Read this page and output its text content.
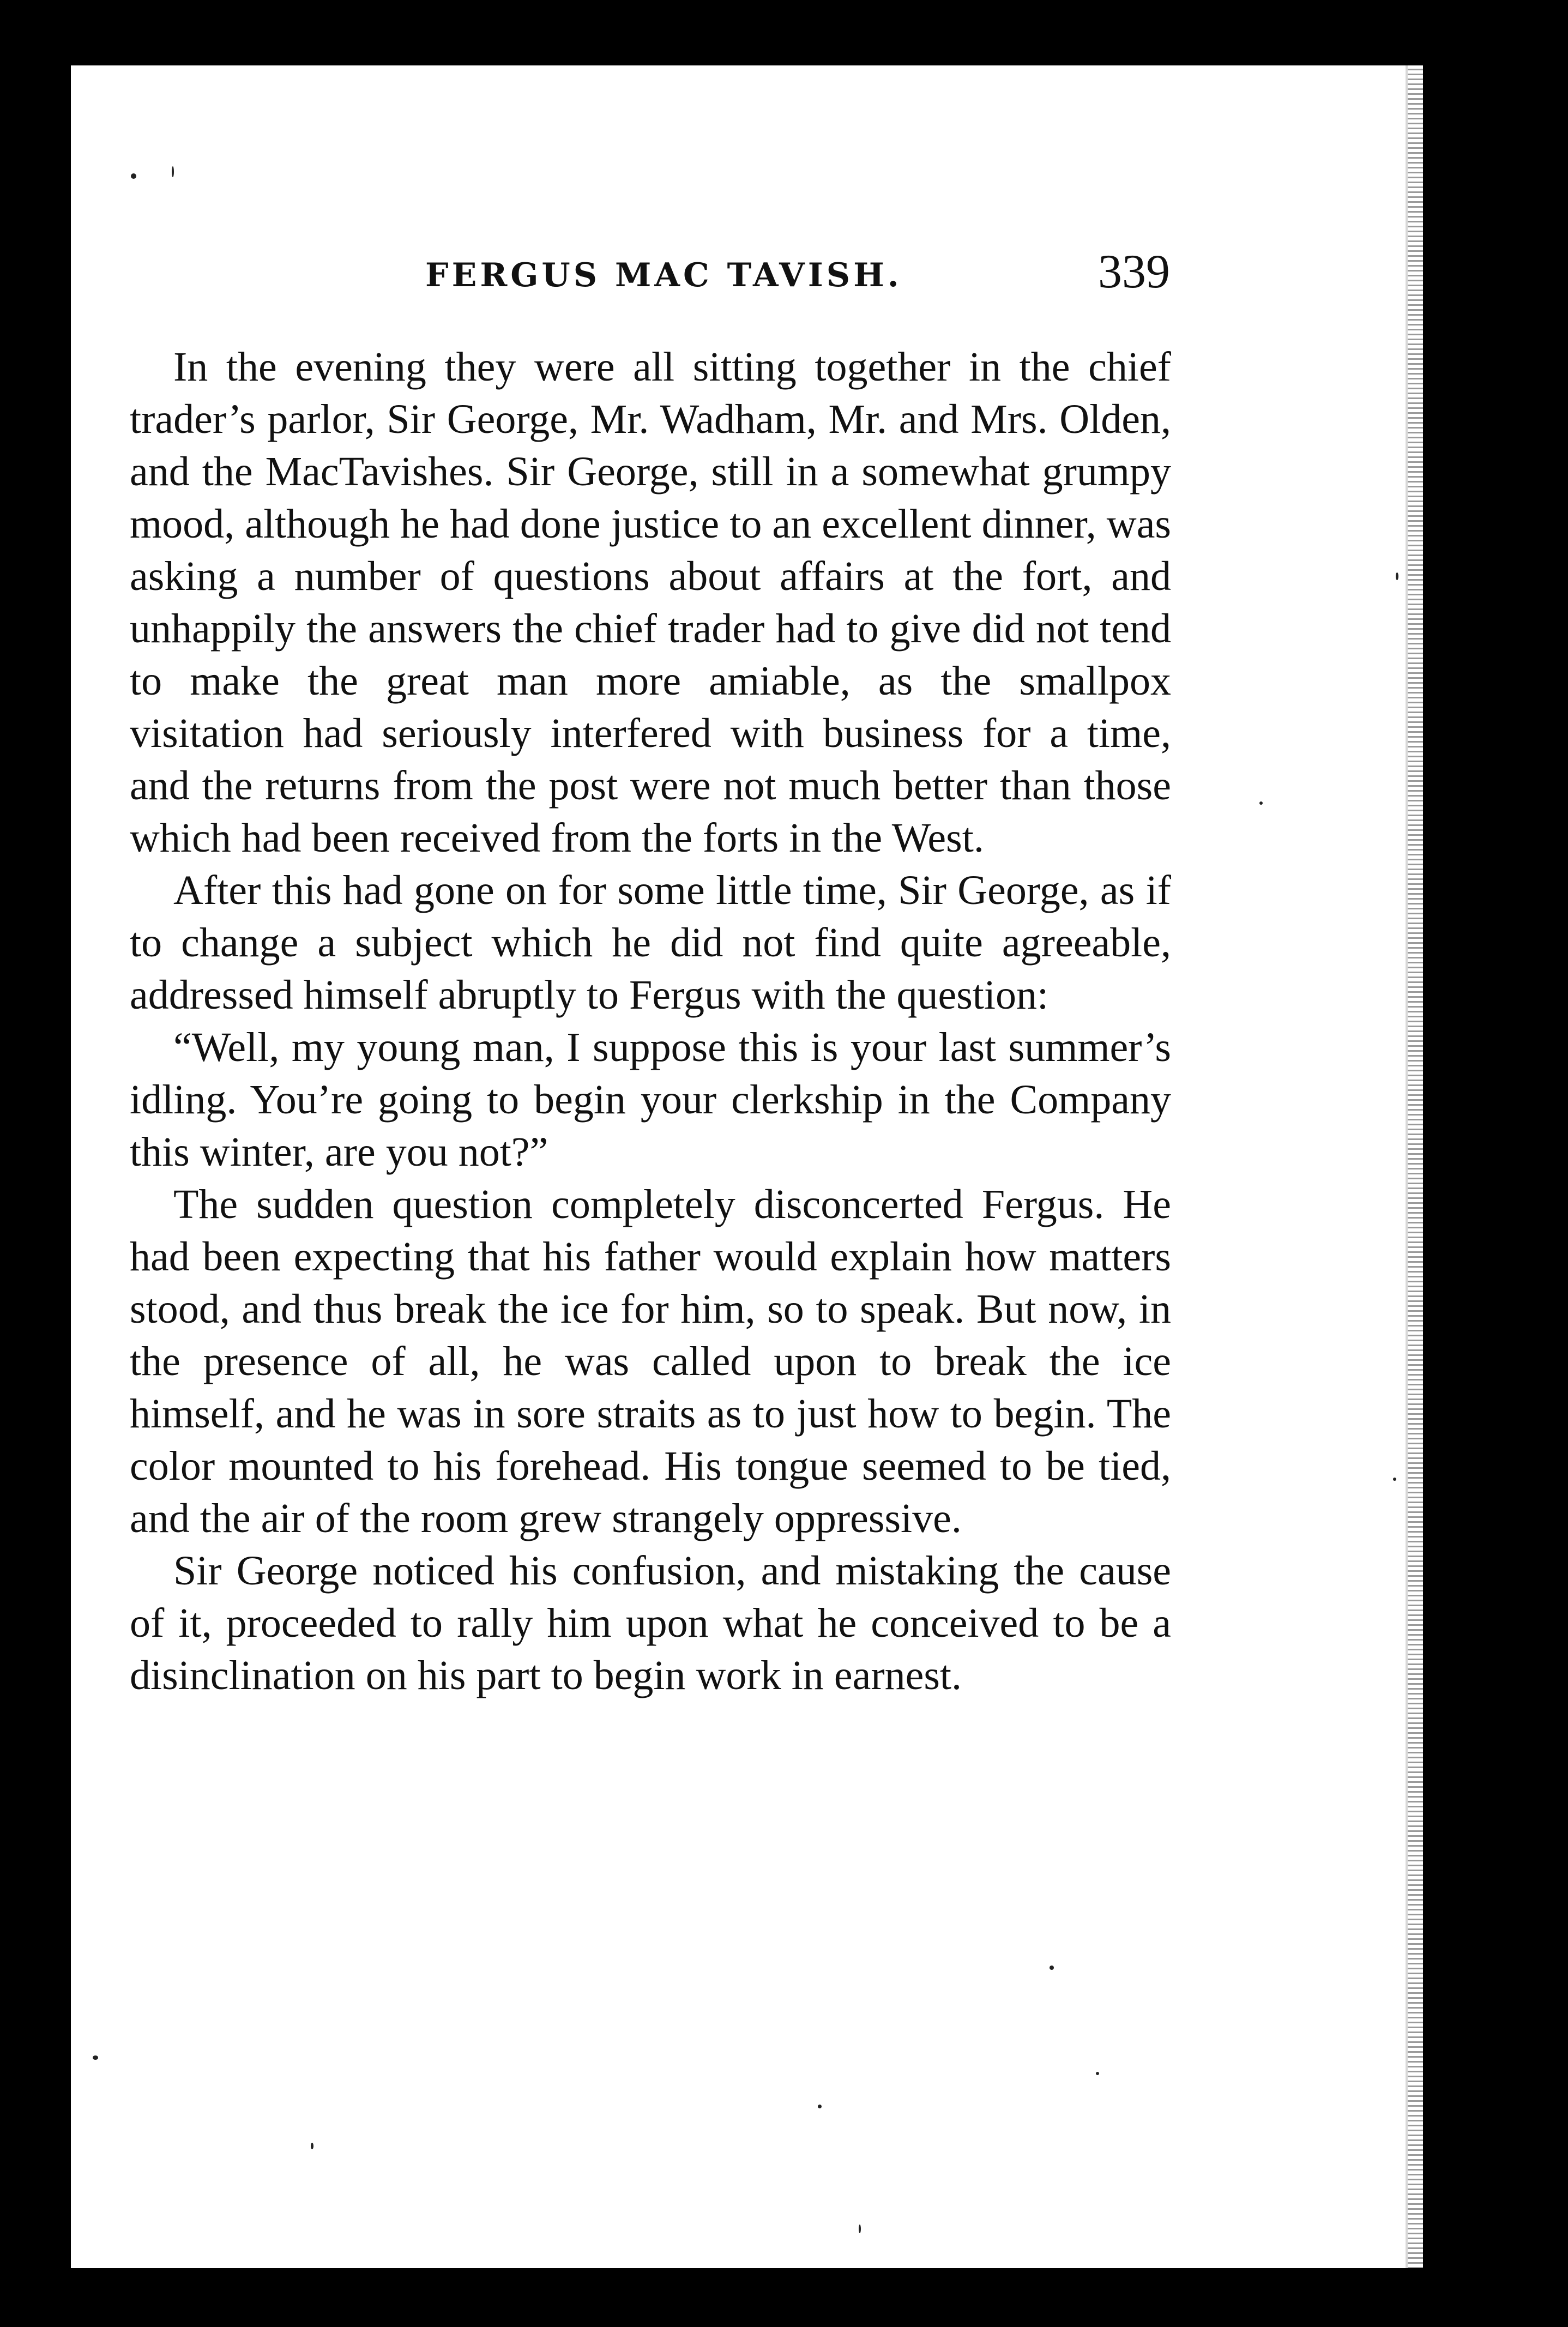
FERGUS MAC TAVISH.	339

In the evening they were all sitting together in the chief trader’s parlor, Sir George, Mr. Wadham, Mr. and Mrs. Olden, and the MacTavishes. Sir George, still in a somewhat grumpy mood, although he had done justice to an excellent dinner, was asking a number of questions about affairs at the fort, and unhappily the answers the chief trader had to give did not tend to make the great man more amiable, as the smallpox visitation had seriously interfered with business for a time, and the returns from the post were not much better than those which had been received from the forts in the West.

After this had gone on for some little time, Sir George, as if to change a subject which he did not find quite agreeable, addressed himself abruptly to Fergus with the question:

“Well, my young man, I suppose this is your last summer’s idling. You’re going to begin your clerkship in the Company this winter, are you not?”

The sudden question completely disconcerted Fergus. He had been expecting that his father would explain how matters stood, and thus break the ice for him, so to speak. But now, in the presence of all, he was called upon to break the ice himself, and he was in sore straits as to just how to begin. The color mounted to his forehead. His tongue seemed to be tied, and the air of the room grew strangely oppressive.

Sir George noticed his confusion, and mistaking the cause of it, proceeded to rally him upon what he conceived to be a disinclination on his part to begin work in earnest.
